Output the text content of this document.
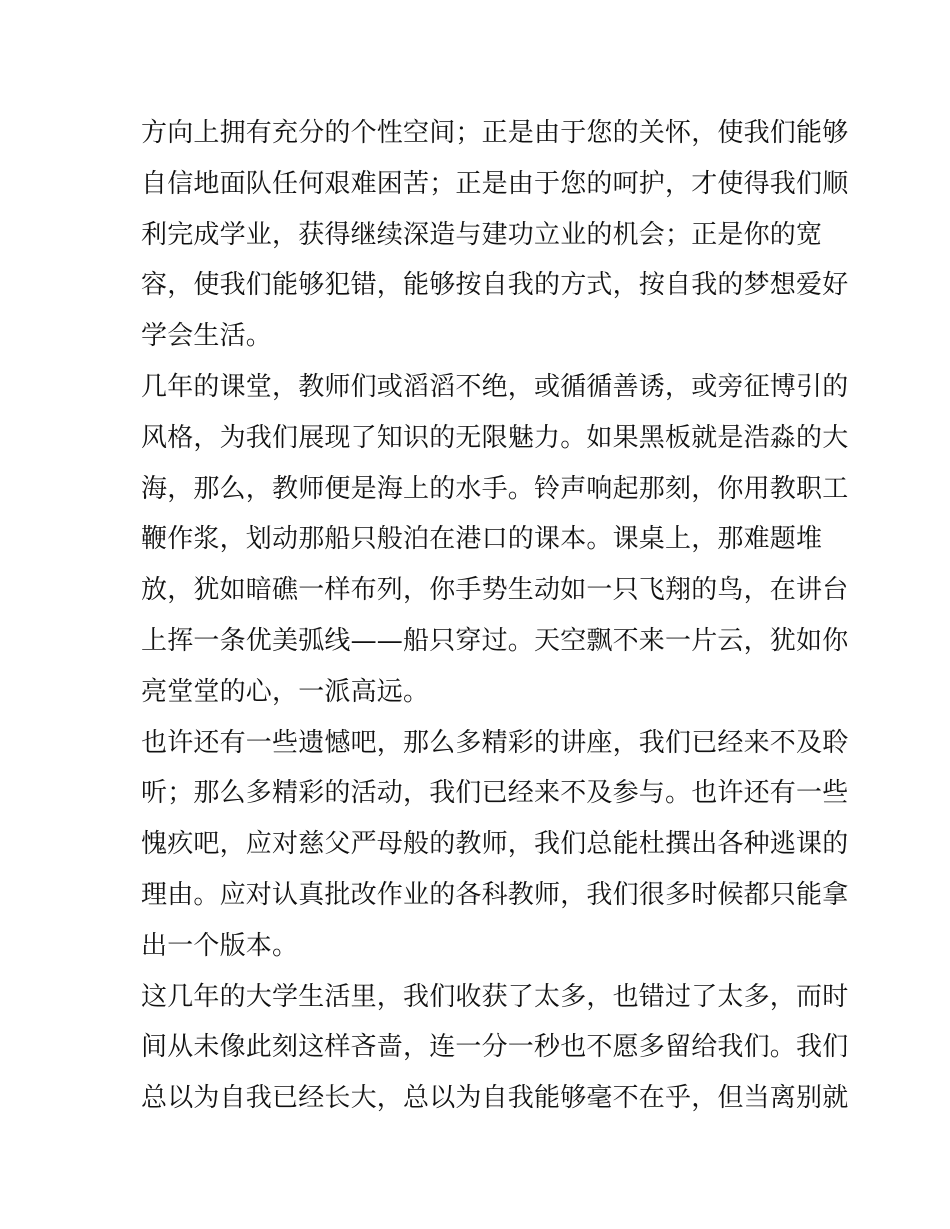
方向上拥有充分的个性空间；正是由于您的关怀，使我们能够
自信地面队任何艰难困苦；正是由于您的呵护，才使得我们顺
利完成学业，获得继续深造与建功立业的机会；正是你的宽
容，使我们能够犯错，能够按自我的方式，按自我的梦想爱好
学会生活。
几年的课堂，教师们或滔滔不绝，或循循善诱，或旁征博引的
风格，为我们展现了知识的无限魅力。如果黑板就是浩淼的大
海，那么，教师便是海上的水手。铃声响起那刻，你用教职工
鞭作浆，划动那船只般泊在港口的课本。课桌上，那难题堆
放，犹如暗礁一样布列，你手势生动如一只飞翔的鸟，在讲台
上挥一条优美弧线——船只穿过。天空飘不来一片云，犹如你
亮堂堂的心，一派高远。
也许还有一些遗憾吧，那么多精彩的讲座，我们已经来不及聆
听；那么多精彩的活动，我们已经来不及参与。也许还有一些
愧疚吧，应对慈父严母般的教师，我们总能杜撰出各种逃课的
理由。应对认真批改作业的各科教师，我们很多时候都只能拿
出一个版本。
这几年的大学生活里，我们收获了太多，也错过了太多，而时
间从未像此刻这样吝啬，连一分一秒也不愿多留给我们。我们
总以为自我已经长大，总以为自我能够毫不在乎，但当离别就
